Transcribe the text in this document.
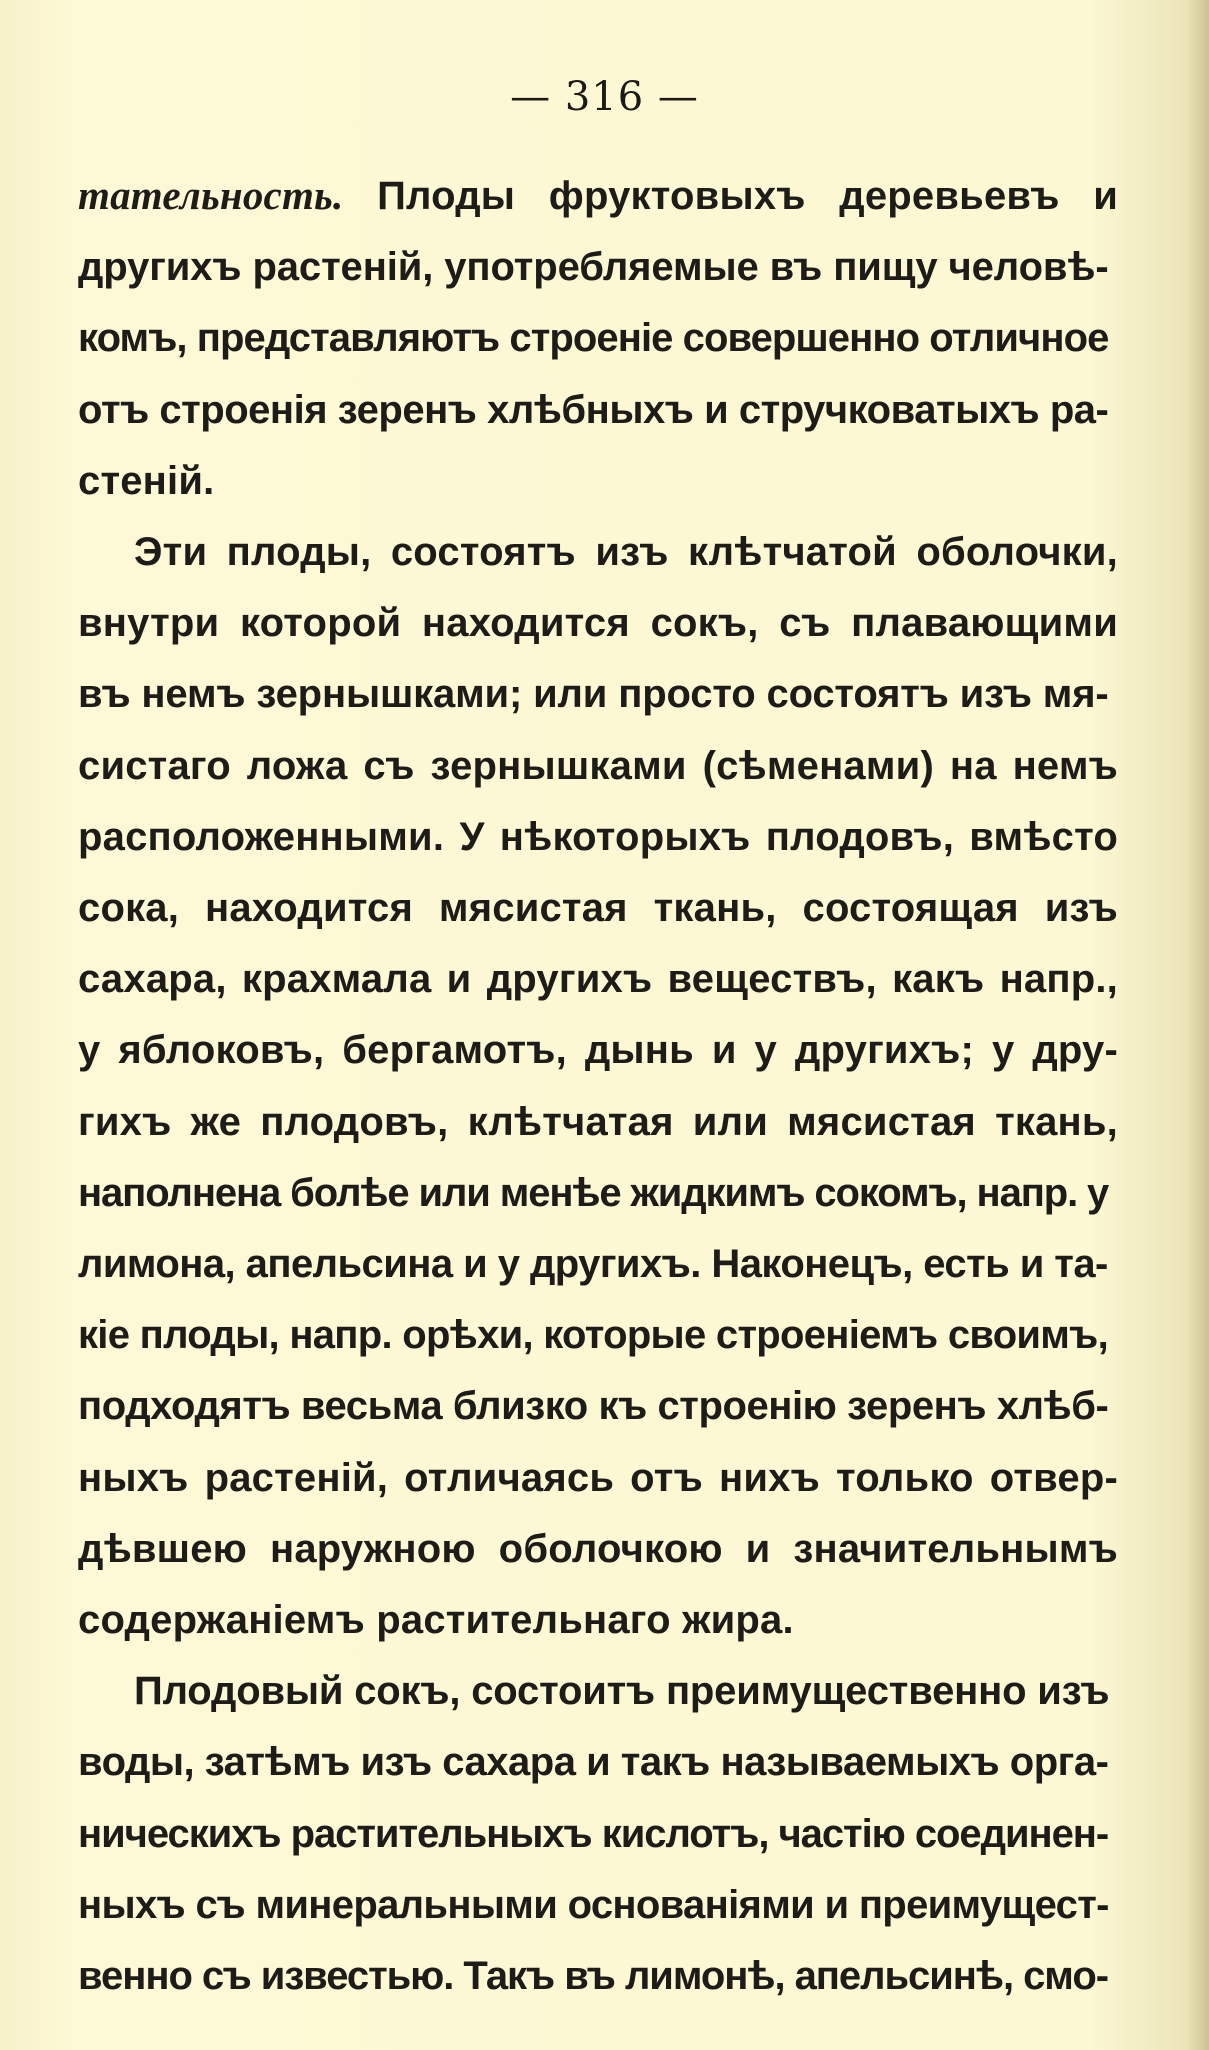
— 316 —
тательность. Плоды фруктовыхъ деревьевъ и
другихъ растеній, употребляемые въ пищу человѣ-
комъ, представляютъ строеніе совершенно отличное
отъ строенія зеренъ хлѣбныхъ и стручковатыхъ ра-
стеній.
Эти плоды, состоятъ изъ клѣтчатой оболочки,
внутри которой находится сокъ, съ плавающими
въ немъ зернышками; или просто состоятъ изъ мя-
систаго ложа съ зернышками (сѣменами) на немъ
расположенными. У нѣкоторыхъ плодовъ, вмѣсто
сока, находится мясистая ткань, состоящая изъ
сахара, крахмала и другихъ веществъ, какъ напр.,
у яблоковъ, бергамотъ, дынь и у другихъ; у дру-
гихъ же плодовъ, клѣтчатая или мясистая ткань,
наполнена болѣе или менѣе жидкимъ сокомъ, напр. у
лимона, апельсина и у другихъ. Наконецъ, есть и та-
кіе плоды, напр. орѣхи, которые строеніемъ своимъ,
подходятъ весьма близко къ строенію зеренъ хлѣб-
ныхъ растеній, отличаясь отъ нихъ только отвер-
дѣвшею наружною оболочкою и значительнымъ
содержаніемъ растительнаго жира.
Плодовый сокъ, состоитъ преимущественно изъ
воды, затѣмъ изъ сахара и такъ называемыхъ орга-
ническихъ растительныхъ кислотъ, частію соединен-
ныхъ съ минеральными основаніями и преимущест-
венно съ известью. Такъ въ лимонѣ, апельсинѣ, смо-
